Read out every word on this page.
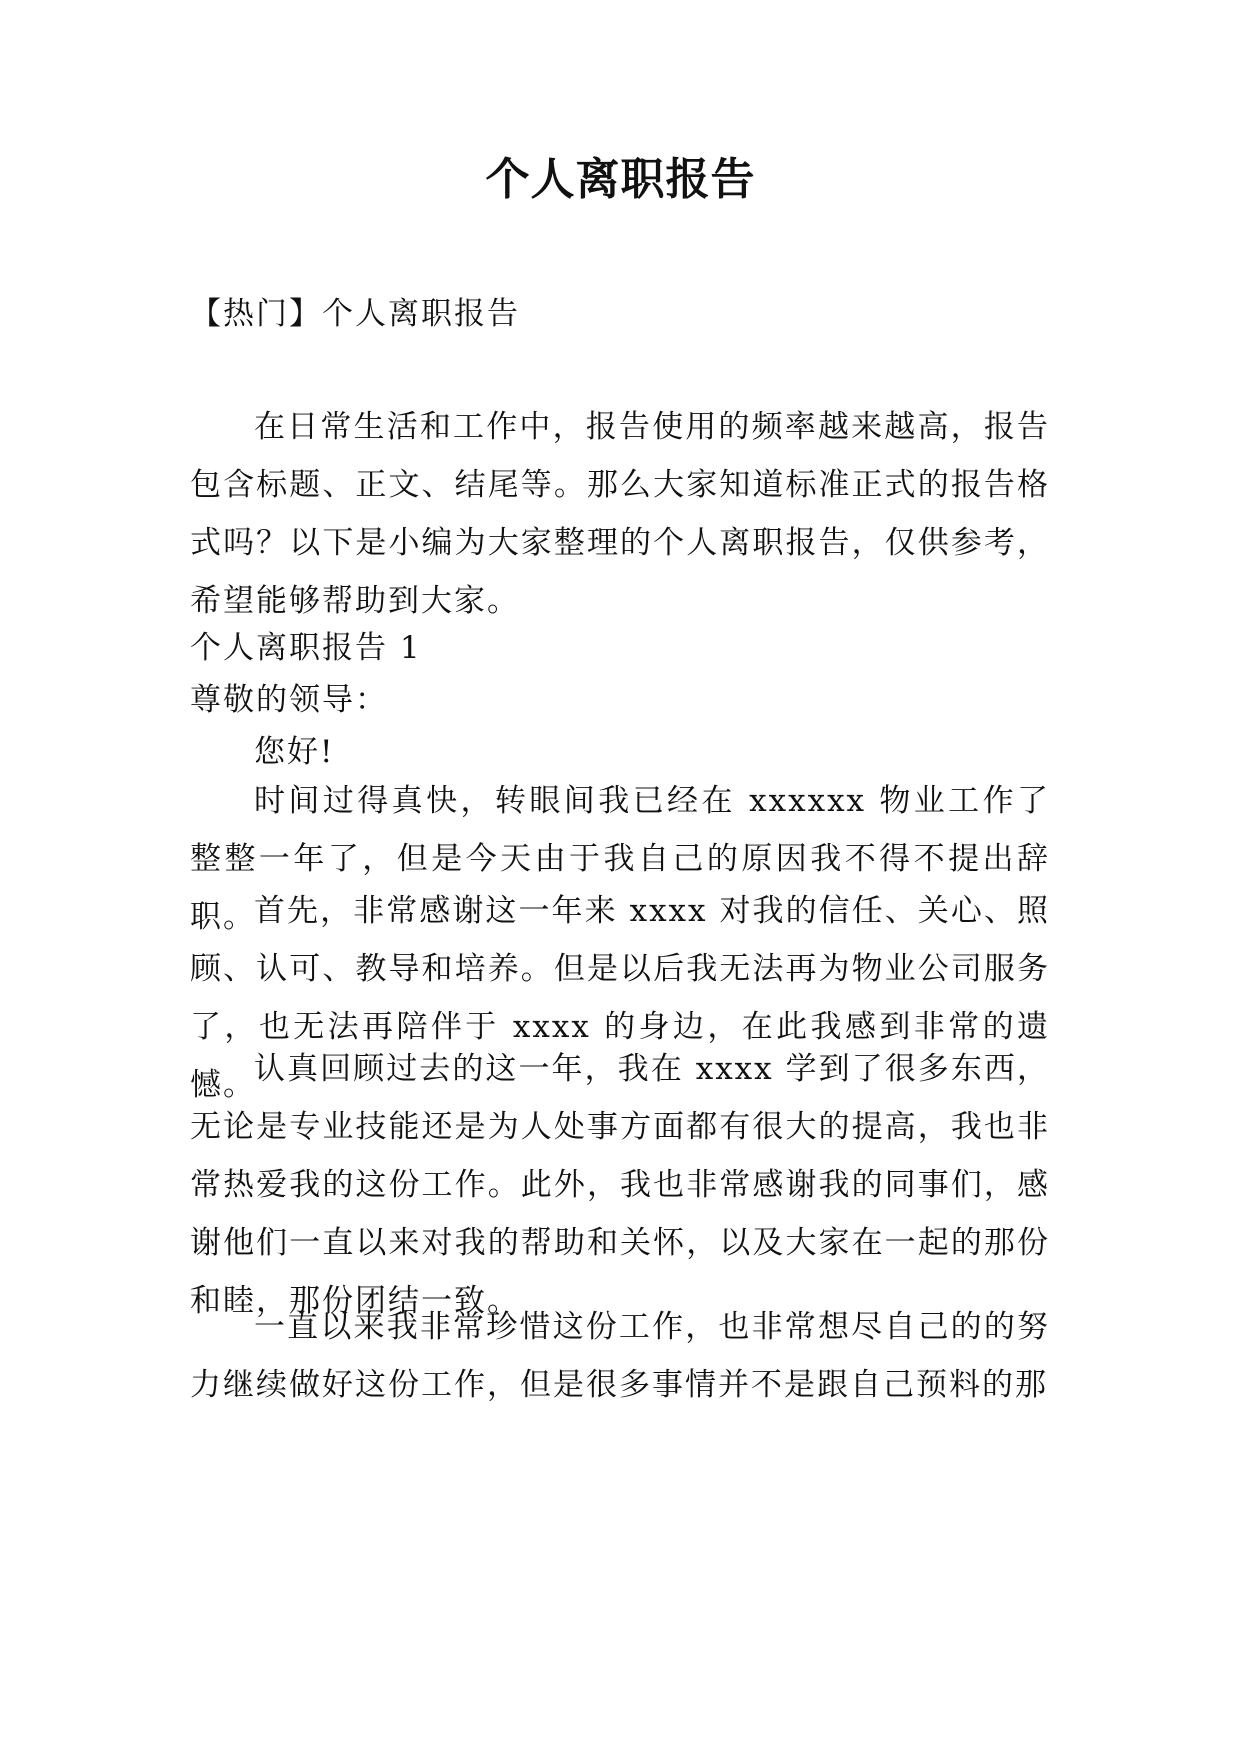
个人离职报告
【热门】个人离职报告

在日常生活和工作中，报告使用的频率越来越高，报告包含标题、正文、结尾等。那么大家知道标准正式的报告格式吗？以下是小编为大家整理的个人离职报告，仅供参考，希望能够帮助到大家。

个人离职报告 1
尊敬的领导：
您好!

时间过得真快，转眼间我已经在 xxxxxx 物业工作了整整一年了，但是今天由于我自己的原因我不得不提出辞职。

首先，非常感谢这一年来 xxxx 对我的信任、关心、照顾、认可、教导和培养。但是以后我无法再为物业公司服务了，也无法再陪伴于 xxxx 的身边，在此我感到非常的遗憾。

认真回顾过去的这一年，我在 xxxx 学到了很多东西，无论是专业技能还是为人处事方面都有很大的提高，我也非常热爱我的这份工作。此外，我也非常感谢我的同事们，感谢他们一直以来对我的帮助和关怀，以及大家在一起的那份和睦，那份团结一致。

一直以来我非常珍惜这份工作，也非常想尽自己的的努力继续做好这份工作，但是很多事情并不是跟自己预料的那
